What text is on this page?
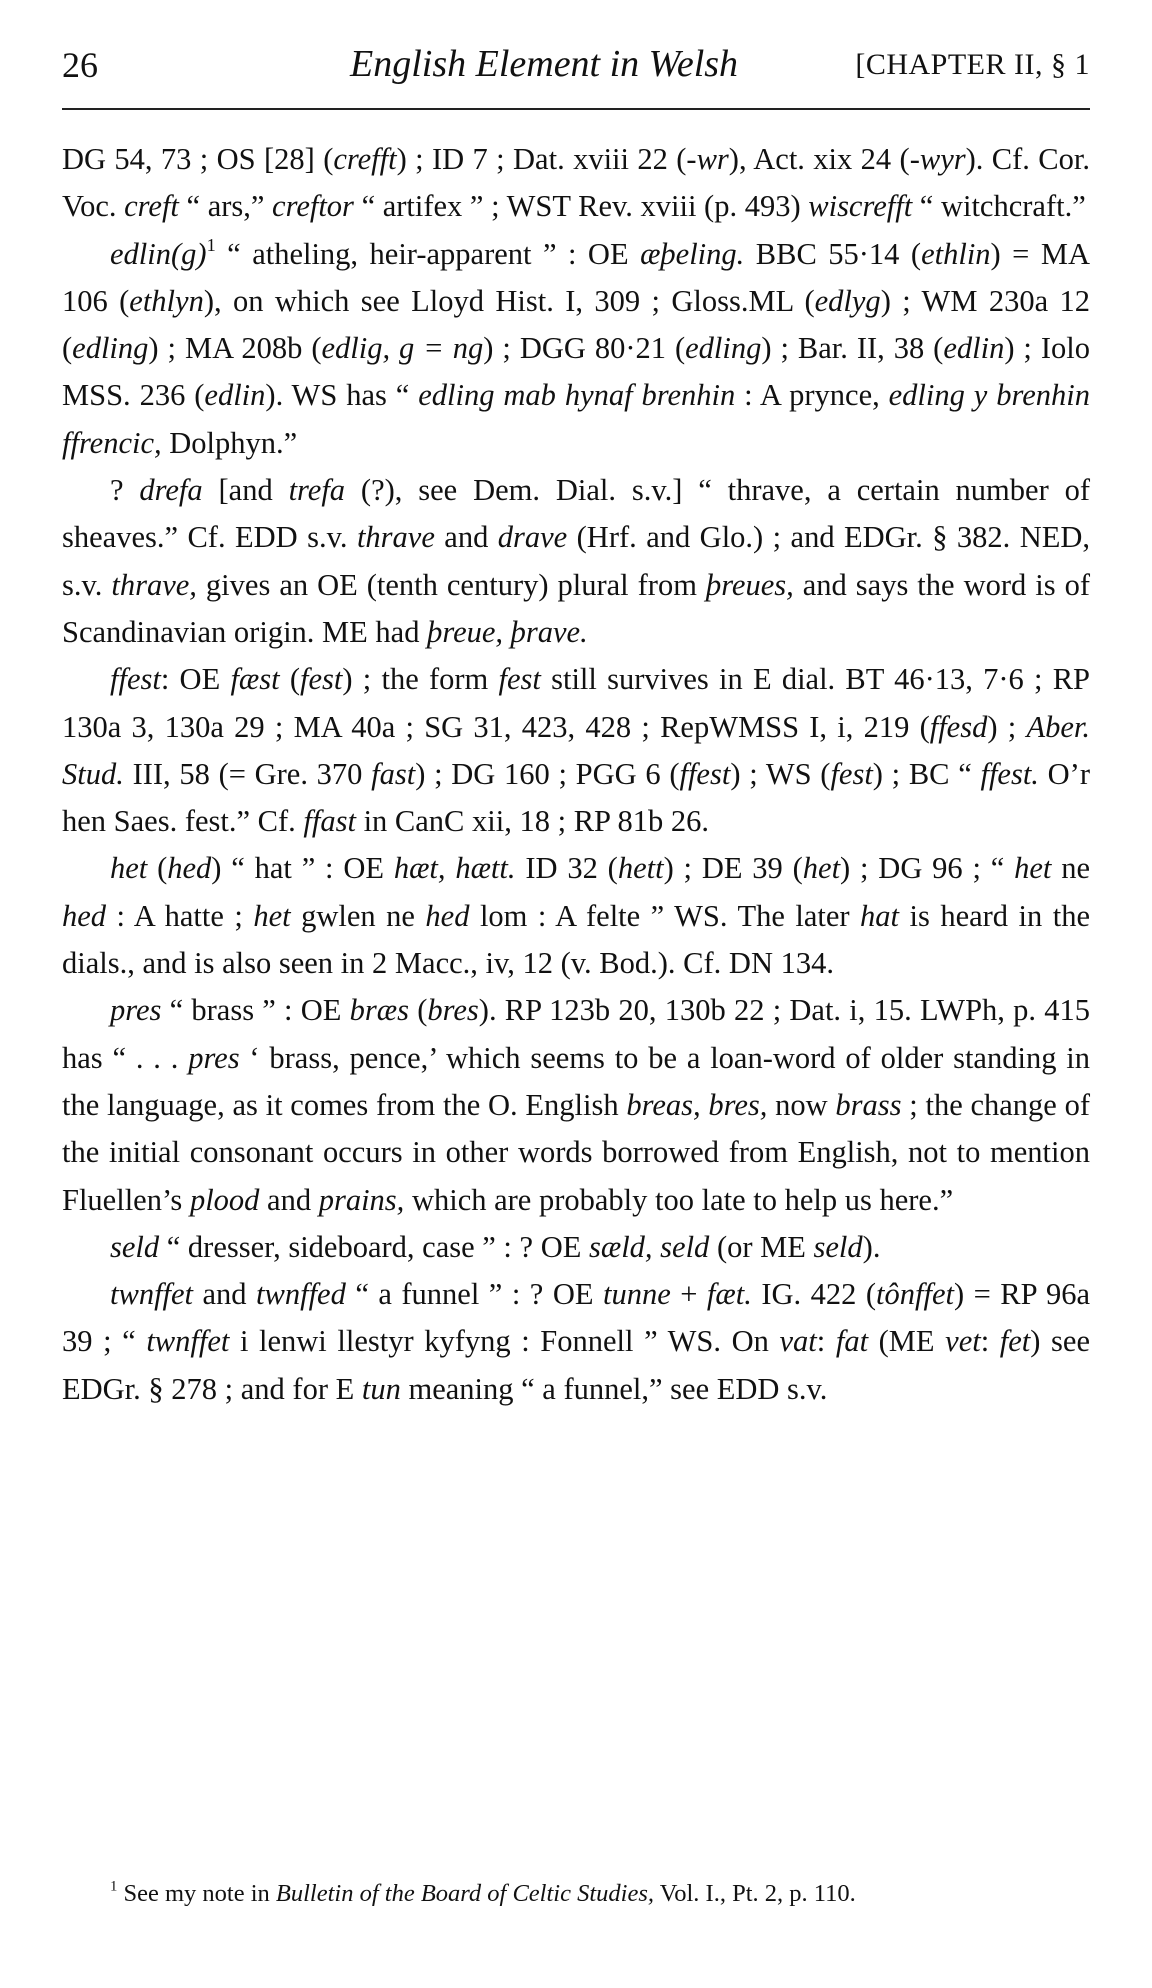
26	English Element in Welsh	[CHAPTER II, § 1

DG 54, 73 ; OS [28] (crefft) ; ID 7 ; Dat. xviii 22 (-wr), Act. xix 24 (-wyr). Cf. Cor. Voc. creft “ ars,” creftor “ artifex ” ; WST Rev. xviii (p. 493) wiscrefft “ witchcraft.”

$edlin(g)^1$ “ atheling, heir-apparent ” : OE æþeling. BBC 55·14 (ethlin) = MA 106 (ethlyn), on which see Lloyd Hist. I, 309 ; Gloss.ML (edlyg) ; WM 230a 12 (edling) ; MA 208b (edlig, g = ng) ; DGG 80·21 (edling) ; Bar. II, 38 (edlin) ; Iolo MSS. 236 (edlin). WS has “ edling mab hynaf brenhin : A prynce, edling y brenhin ffrencic, Dolphyn.”

? drefa [and trefa (?), see Dem. Dial. s.v.] “ thrave, a certain number of sheaves.” Cf. EDD s.v. thrave and drave (Hrf. and Glo.) ; and EDGr. § 382. NED, s.v. thrave, gives an OE (tenth century) plural from þreues, and says the word is of Scandinavian origin. ME had þreue, þrave.

ffest: OE fæst (fest) ; the form fest still survives in E dial. BT 46·13, 7·6 ; RP 130a 3, 130a 29 ; MA 40a ; SG 31, 423, 428 ; RepWMSS I, i, 219 (ffesd) ; Aber. Stud. III, 58 (= Gre. 370 fast) ; DG 160 ; PGG 6 (ffest) ; WS (fest) ; BC “ ffest. O’r hen Saes. fest.” Cf. ffast in CanC xii, 18 ; RP 81b 26.

het (hed) “ hat ” : OE hæt, hætt. ID 32 (hett) ; DE 39 (het) ; DG 96 ; “ het ne hed : A hatte ; het gwlen ne hed lom : A felte ” WS. The later hat is heard in the dials., and is also seen in 2 Macc., iv, 12 (v. Bod.). Cf. DN 134.

pres “ brass ” : OE bræs (bres). RP 123b 20, 130b 22 ; Dat. i, 15. LWPh, p. 415 has “ . . . pres ‘ brass, pence,’ which seems to be a loan-word of older standing in the language, as it comes from the O. English breas, bres, now brass ; the change of the initial consonant occurs in other words borrowed from English, not to mention Fluellen’s plood and prains, which are probably too late to help us here.”

seld “ dresser, sideboard, case ” : ? OE sæld, seld (or ME seld).

twnffet and twnffed “ a funnel ” : ? OE tunne + fæt. IG. 422 (tônffet) = RP 96a 39 ; “ twnffet i lenwi llestyr kyfyng : Fonnell ” WS. On vat: fat (ME vet: fet) see EDGr. § 278 ; and for E tun meaning “ a funnel,” see EDD s.v.

$^1$ See my note in Bulletin of the Board of Celtic Studies, Vol. I., Pt. 2, p. 110.
